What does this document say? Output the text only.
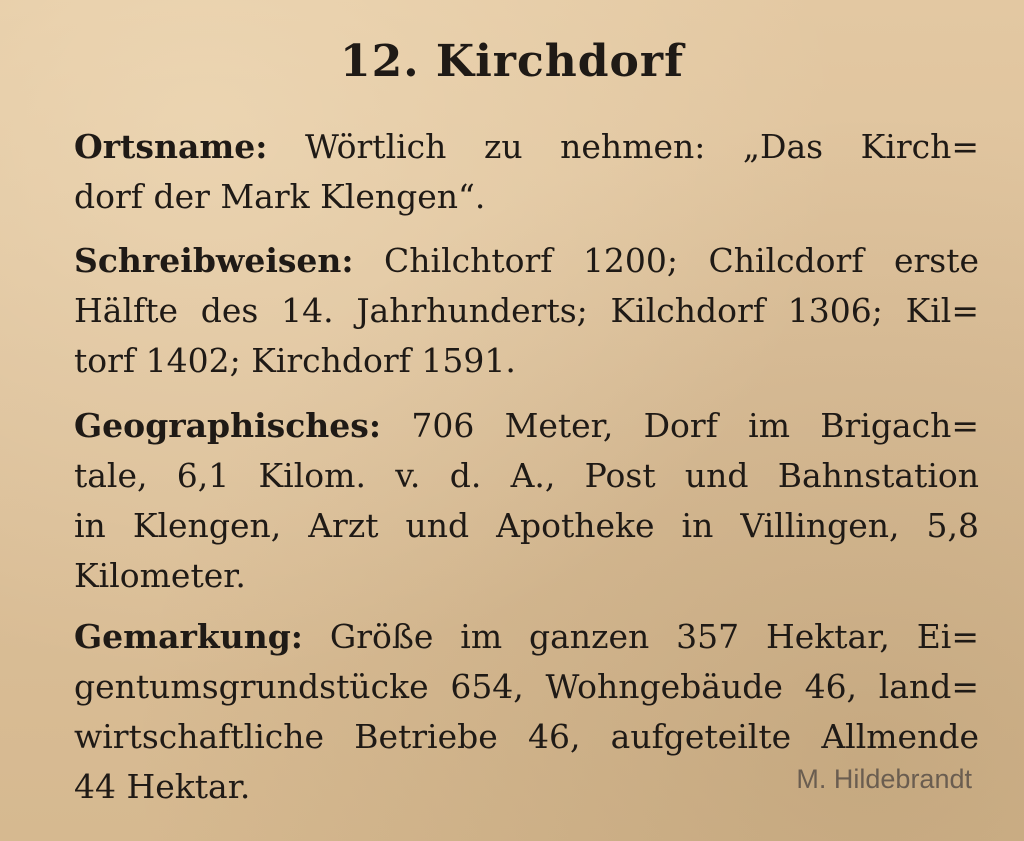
12. Kirchdorf
Ortsname: Wörtlich zu nehmen: „Das Kirch=
dorf der Mark Klengen“.
Schreibweisen: Chilchtorf 1200; Chilcdorf erste
Hälfte des 14. Jahrhunderts; Kilchdorf 1306; Kil=
torf 1402; Kirchdorf 1591.
Geographisches: 706 Meter, Dorf im Brigach=
tale, 6,1 Kilom. v. d. A., Post und Bahnstation
in Klengen, Arzt und Apotheke in Villingen, 5,8
Kilometer.
Gemarkung: Größe im ganzen 357 Hektar, Ei=
gentumsgrundstücke 654, Wohngebäude 46, land=
wirtschaftliche Betriebe 46, aufgeteilte Allmende
44 Hektar.	M. Hildebrandt
